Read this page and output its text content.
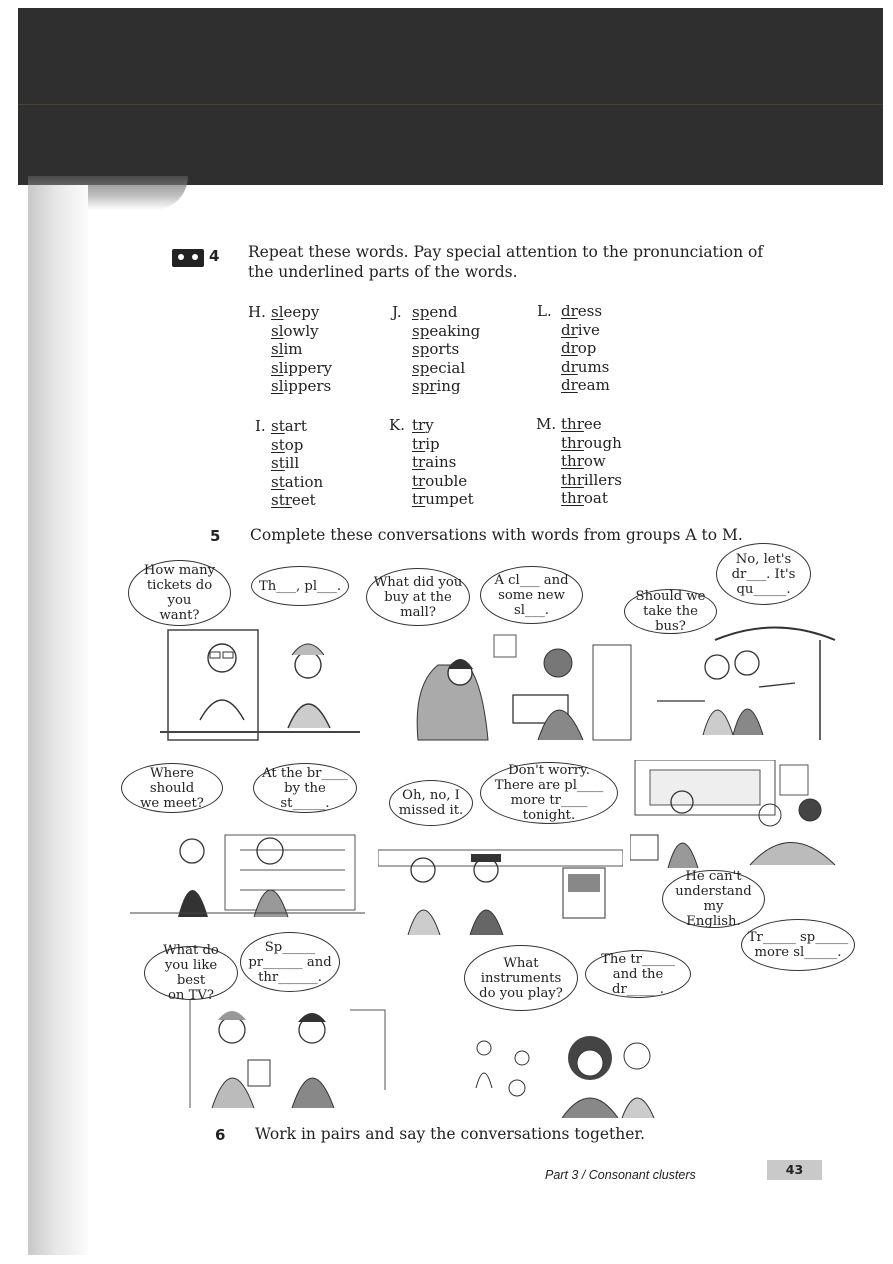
4 Repeat these words. Pay special attention to the pronunciation of the underlined parts of the words.
H. sleepy
slowly
slim
slippery
slippers
J. spend
speaking
sports
special
spring
L. dress
drive
drop
drums
dream
I. start
stop
still
station
street
K. try
trip
trains
trouble
trumpet
M. three
through
throw
thrillers
throat
5 Complete these conversations with words from groups A to M.
How many
tickets do you
want?
Th___, pl___. What did you
buy at the mall?
A cl___ and
some new
sl___.
Should we
take the bus?
No, let's
dr___. It's
qu_____.
Where should
we meet?
At the br____
by the st_____.	Oh, no, I
missed it.
Don't worry.
There are pl____
more tr____ tonight.
He can't
understand my
English.
Tr_____ sp_____
more sl_____.
What do
you like best
on TV?
Sp_____
pr______ and
thr______.
What
instruments
do you play?
The tr_____
and the dr_____.
6 Work in pairs and say the conversations together.
Part 3 / Consonant clusters	43
